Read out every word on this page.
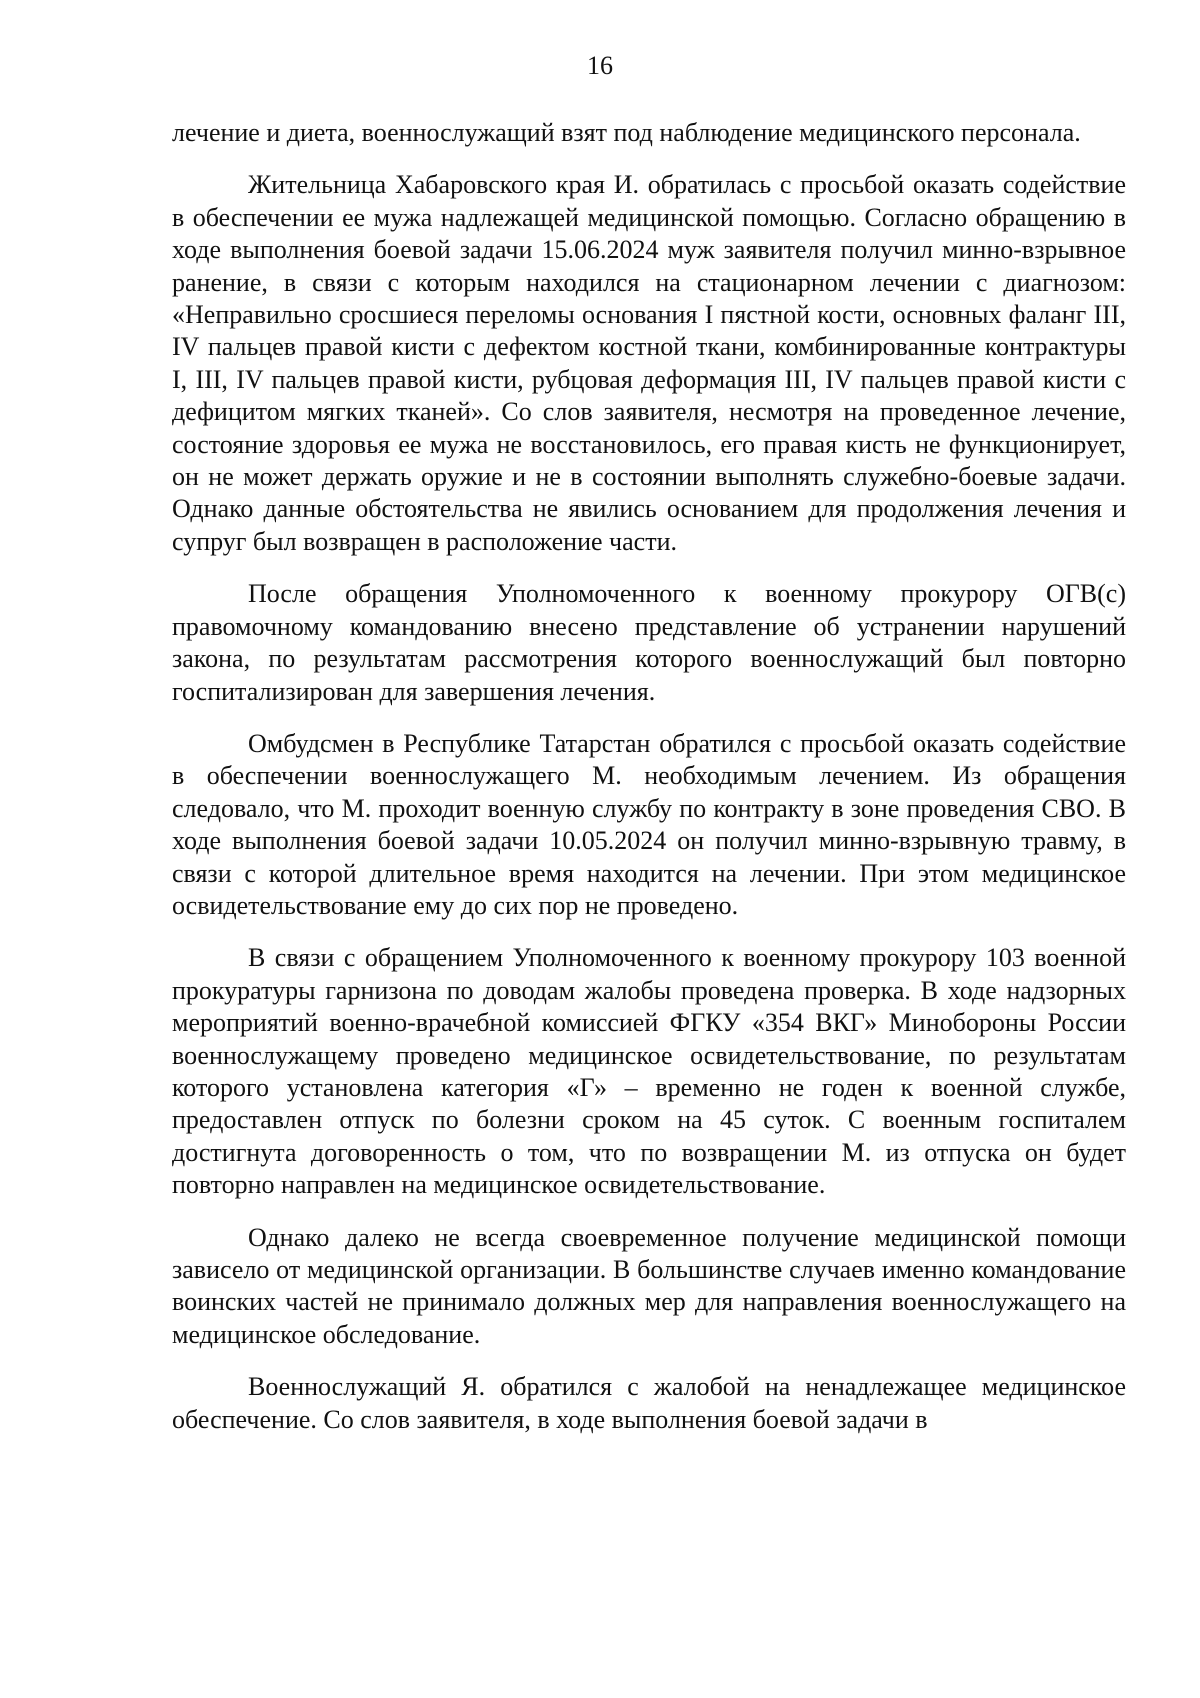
16

лечение и диета, военнослужащий взят под наблюдение медицинского персонала.

Жительница Хабаровского края И. обратилась с просьбой оказать содействие в обеспечении ее мужа надлежащей медицинской помощью. Согласно обращению в ходе выполнения боевой задачи 15.06.2024 муж заявителя получил минно-взрывное ранение, в связи с которым находился на стационарном лечении с диагнозом: «Неправильно сросшиеся переломы основания I пястной кости, основных фаланг III, IV пальцев правой кисти с дефектом костной ткани, комбинированные контрактуры I, III, IV пальцев правой кисти, рубцовая деформация III, IV пальцев правой кисти с дефицитом мягких тканей». Со слов заявителя, несмотря на проведенное лечение, состояние здоровья ее мужа не восстановилось, его правая кисть не функционирует, он не может держать оружие и не в состоянии выполнять служебно-боевые задачи. Однако данные обстоятельства не явились основанием для продолжения лечения и супруг был возвращен в расположение части.

После обращения Уполномоченного к военному прокурору ОГВ(с) правомочному командованию внесено представление об устранении нарушений закона, по результатам рассмотрения которого военнослужащий был повторно госпитализирован для завершения лечения.

Омбудсмен в Республике Татарстан обратился с просьбой оказать содействие в обеспечении военнослужащего М. необходимым лечением. Из обращения следовало, что М. проходит военную службу по контракту в зоне проведения СВО. В ходе выполнения боевой задачи 10.05.2024 он получил минно-взрывную травму, в связи с которой длительное время находится на лечении. При этом медицинское освидетельствование ему до сих пор не проведено.

В связи с обращением Уполномоченного к военному прокурору 103 военной прокуратуры гарнизона по доводам жалобы проведена проверка. В ходе надзорных мероприятий военно-врачебной комиссией ФГКУ «354 ВКГ» Минобороны России военнослужащему проведено медицинское освидетельствование, по результатам которого установлена категория «Г» – временно не годен к военной службе, предоставлен отпуск по болезни сроком на 45 суток. С военным госпиталем достигнута договоренность о том, что по возвращении М. из отпуска он будет повторно направлен на медицинское освидетельствование.

Однако далеко не всегда своевременное получение медицинской помощи зависело от медицинской организации. В большинстве случаев именно командование воинских частей не принимало должных мер для направления военнослужащего на медицинское обследование.

Военнослужащий Я. обратился с жалобой на ненадлежащее медицинское обеспечение. Со слов заявителя, в ходе выполнения боевой задачи в
